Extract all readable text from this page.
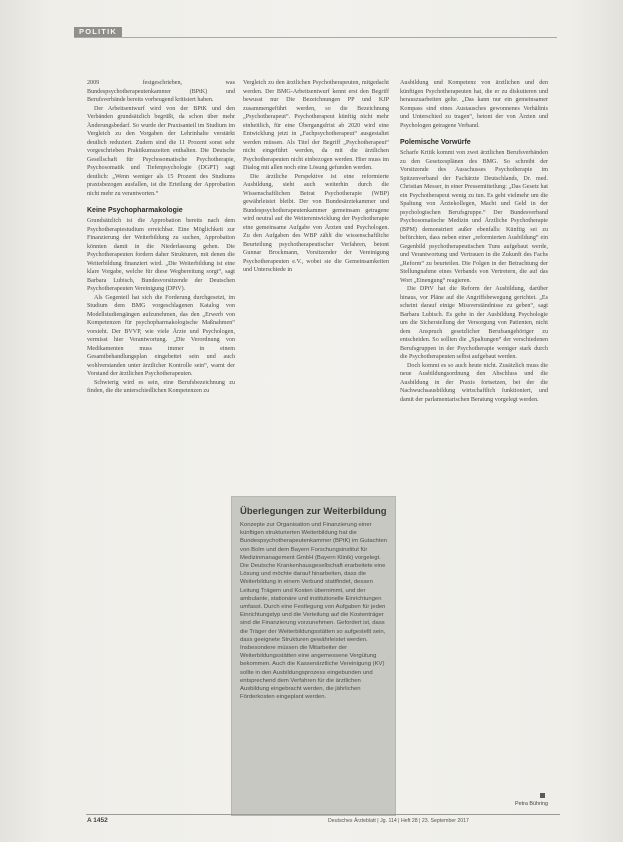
POLITIK

2009 festgeschrieben, was Bundespsychotherapeutenkammer (BPtK) und Berufsverbände bereits vorbeugend kritisiert haben.

Der Arbeitsentwurf wird von der BPtK und den Verbänden grundsätzlich begrüßt, da schon über mehr Änderungsbedarf. So wurde der Praxisanteil im Studium im Vergleich zu den Vorgaben der Lehrinhalte verstärkt deutlich reduziert. Zudem sind die 11 Prozent sonst sehr vorgeschrieben Praktikumszeiten enthalten. Die Deutsche Gesellschaft für Psychosomatische Psychotherapie, Psychosomatik und Tiefenpsychologie (DGPT) sagt deutlich: „Wenn weniger als 15 Prozent des Studiums praxisbezogen ausfallen, ist die Erteilung der Approbation nicht mehr zu verantworten.“

Keine Psychopharmakologie

Grundsätzlich ist die Approbation bereits nach dem Psychotherapiestudium erreichbar. Eine Möglichkeit zur Finanzierung der Weiterbildung zu suchen, Approbation könnten damit in die Niederlassung gehen. Die Psychotherapeuten fordern daher Strukturen, mit denen die Weiterbildung finanziert wird. „Die Weiterbildung ist eine klare Vorgabe, welche für diese Wegbereitung sorgt“, sagt Barbara Lubisch, Bundesvorsitzende der Deutschen Psychotherapeuten Vereinigung (DPtV).

Als Gegenteil hat sich die Forderung durchgesetzt, im Studium dem BMG vorgeschlagenen Katalog von Modellstudiengängen aufzunehmen, das den „Erwerb von Kompetenzen für psychopharmakologische Maßnahmen“ vorsieht. Der BVVP, wie viele Ärzte und Psychologen, vermisst hier Verantwortung. „Die Verordnung von Medikamenten muss immer in einem Gesamtbehandlungsplan eingebettet sein und auch wohlverstanden unter ärztlicher Kontrolle sein“, warnt der Vorstand der ärztlichen Psychotherapeuten.

Schwierig wird es sein, eine Berufsbezeichnung zu finden, die die unterschiedlichen Kompetenzen zu

Vergleich zu den ärztlichen Psychotherapeuten, mitgedacht werden. Der BMG-Arbeitsentwurf kennt erst den Begriff bewusst nur Die Bezeichnungen PP und KJP zusammengeführt werden, so die Bezeichnung „Psychotherapeut“. Psychotherapeut künftig nicht mehr einheitlich, für eine Übergangsfrist ab 2020 wird eine Entwicklung jetzt in „Fachpsychotherapeut“ ausgestaltet werden müssen. Als Titel der Begriff „Psychotherapeut“ nicht eingeführt werden, da mit die ärztlichen Psychotherapeuten nicht einbezogen werden. Hier muss im Dialog mit allen noch eine Lösung gefunden werden.

Die ärztliche Perspektive ist eine reformierte Ausbildung, sieht auch weiterhin durch die Wissenschaftlichen Beirat Psychotherapie (WBP) gewährleistet bleibt. Der von Bundesärztekammer und Bundespsychotherapeutenkammer gemeinsam getragene wird neutral auf die Weiterentwicklung der Psychotherapie eine gemeinsame Aufgabe von Ärzten und Psychologen. Zu den Aufgaben des WBP zählt die wissenschaftliche Beurteilung psychotherapeutischer Verfahren, betont Gunnar Brockmann, Vorsitzender der Vereinigung Psychotherapeuten e.V., wobei sie die Gemeinsamkeiten und Unterschiede in

Ausbildung und Kompetenz von ärztlichen und den künftigen Psychotherapeuten hat, die er zu diskutieren und herauszuarbeiten gelte. „Das kann nur ein gemeinsamer Kompass sind eines Austausches gewonnenes Verhältnis und Unterschied zu tragen“, betont der von Ärzten und Psychologen getragene Verband.

Polemische Vorwürfe

Scharfe Kritik kommt von zwei ärztlichen Berufsverbänden zu den Gesetzesplänen des BMG. So schreibt der Vorsitzende des Ausschusses Psychotherapie im Spitzenverband der Fachärzte Deutschlands, Dr. med. Christian Messer, in einer Pressemitteilung: „Das Gesetz hat ein Psychotherapeut wenig zu tun. Es geht vielmehr um die Spaltung von Ärztekollegen, Macht und Geld in der psychologischen Berufsgruppe.“ Der Bundesverband Psychosomatische Medizin und Ärztliche Psychotherapie (BPM) demonstriert außer ebenfalls: Künftig sei zu befürchten, dass neben einer „reformierten Ausbildung“ ein Gegenbild psychotherapeutischen Tuns aufgebaut werde, und Verantwortung und Vertrauen in die Zukunft des Fachs „Reform“ zu beurteilen. Die Folgen in der Betrachtung der Stellungnahme eines Verbands von Vertretern, die auf das Wort „Einengung“ reagieren.

Die DPtV hat die Reform der Ausbildung, darüber hinaus, vor Pläne auf die Angriffsbewegung gerichtet. „Es scheint darauf einige Missverständnisse zu geben“, sagt Barbara Lubisch. Es gehe in der Ausbildung Psychologie um die Sicherstellung der Versorgung von Patienten, nicht dem Anspruch gesetzlicher Berufsangehöriger zu entscheiden. So sollten die „Spaltungen“ der verschiedenen Berufsgruppen in der Psychotherapie weniger stark durch die Psychotherapeuten selbst aufgebaut werden.

Doch kommt es so auch heute nicht. Zusätzlich muss die neue Ausbildungsordnung den Abschluss und die Ausbildung in der Praxis fortsetzen, bei der die Nachwuchsausbildung wirtschaftlich funktioniert, und damit der parlamentarischen Beratung vorgelegt werden.

Überlegungen zur Weiterbildung
Konzepte zur Organisation und Finanzierung einer künftigen strukturierten Weiterbildung hat die Bundespsychotherapeutenkammer (BPtK) im Gutachten von Bolm und dem Bayern Forschungsinstitut für Medizinmanagement GmbH (Bayern Klinik) vorgelegt. Die Deutsche Krankenhausgesellschaft erarbeitete eine Lösung und möchte darauf hinarbeiten, dass die Weiterbildung in einem Verbund stattfindet, dessen Leitung Trägern und Kosten übernimmt, und der ambulante, stationäre und institutionelle Einrichtungen umfasst. Durch eine Festlegung von Aufgaben für jeden Einrichtungstyp und die Verteilung auf die Kostenträger sind die Finanzierung vorzunehmen. Gefordert ist, dass die Träger der Weiterbildungsstätten so aufgestellt sein, dass geeignete Strukturen gewährleistet werden. Insbesondere müssen die Mitarbeiter der Weiterbildungsstätten eine angemessene Vergütung bekommen. Auch die Kassenärztliche Vereinigung (KV) sollte in den Ausbildungsprozess eingebunden und entsprechend dem Verfahren für die ärztlichen Ausbildung eingebracht werden, die jährlichen Förderkosten eingeplant werden.
Petra Bühring
A 1452	Deutsches Ärzteblatt | Jg. 114 | Heft 28 | 23. September 2017
